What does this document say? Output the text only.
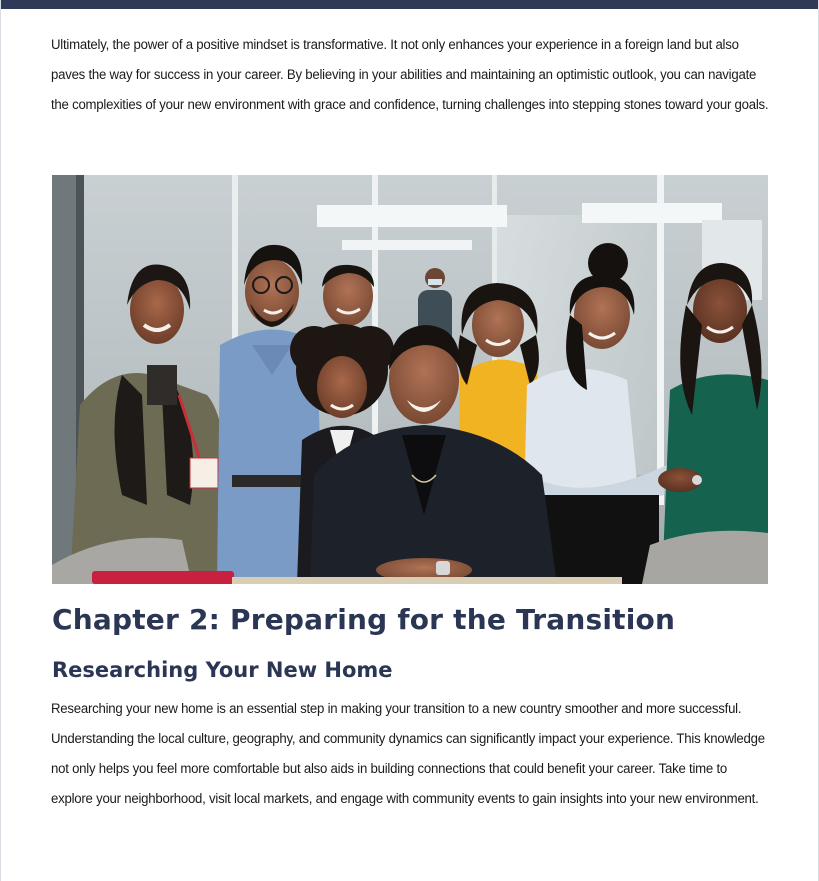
Ultimately, the power of a positive mindset is transformative. It not only enhances your experience in a foreign land but also paves the way for success in your career. By believing in your abilities and maintaining an optimistic outlook, you can navigate the complexities of your new environment with grace and confidence, turning challenges into stepping stones toward your goals.

Chapter 2: Preparing for the Transition
Researching Your New Home

Researching your new home is an essential step in making your transition to a new country smoother and more successful. Understanding the local culture, geography, and community dynamics can significantly impact your experience. This knowledge not only helps you feel more comfortable but also aids in building connections that could benefit your career. Take time to explore your neighborhood, visit local markets, and engage with community events to gain insights into your new environment.
